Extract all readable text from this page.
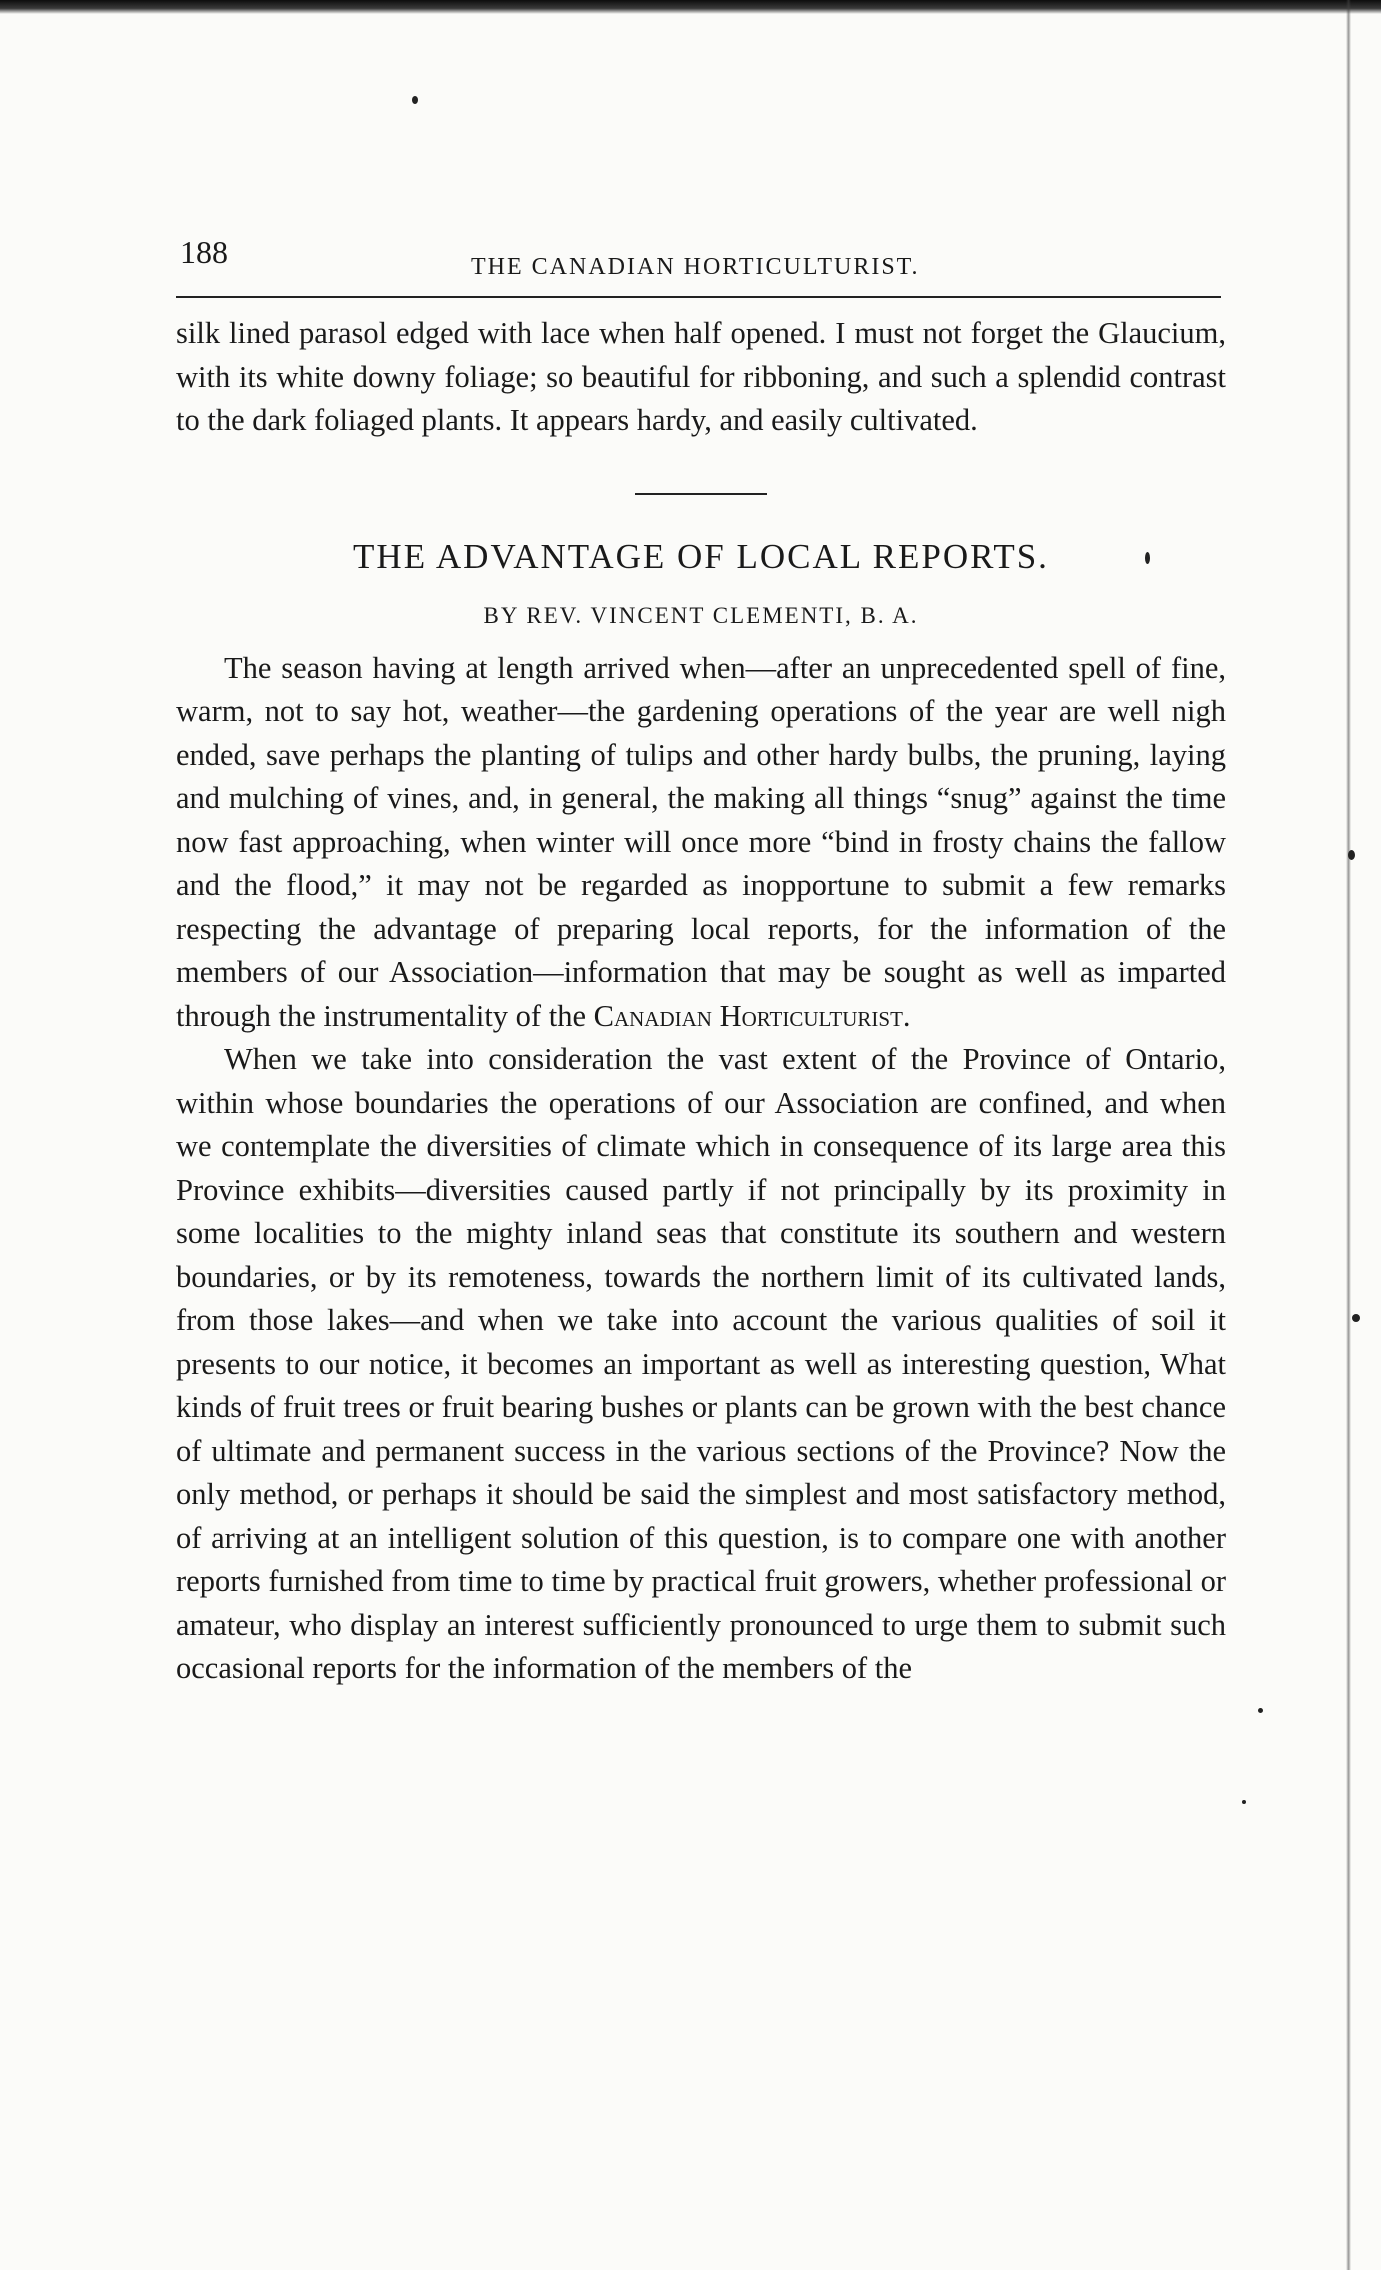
188	THE CANADIAN HORTICULTURIST.

silk lined parasol edged with lace when half opened. I must not forget the Glaucium, with its white downy foliage; so beautiful for ribboning, and such a splendid contrast to the dark foliaged plants. It appears hardy, and easily cultivated.

THE ADVANTAGE OF LOCAL REPORTS.
BY REV. VINCENT CLEMENTI, B. A.

The season having at length arrived when—after an unprecedented spell of fine, warm, not to say hot, weather—the gardening operations of the year are well nigh ended, save perhaps the planting of tulips and other hardy bulbs, the pruning, laying and mulching of vines, and, in general, the making all things “snug” against the time now fast approaching, when winter will once more “bind in frosty chains the fallow and the flood,” it may not be regarded as inopportune to submit a few remarks respecting the advantage of preparing local reports, for the information of the members of our Association—information that may be sought as well as imparted through the instrumentality of the Canadian Horticulturist.

When we take into consideration the vast extent of the Province of Ontario, within whose boundaries the operations of our Association are confined, and when we contemplate the diversities of climate which in consequence of its large area this Province exhibits—diversities caused partly if not principally by its proximity in some localities to the mighty inland seas that constitute its southern and western boundaries, or by its remoteness, towards the northern limit of its cultivated lands, from those lakes—and when we take into account the various qualities of soil it presents to our notice, it becomes an important as well as interesting question, What kinds of fruit trees or fruit bearing bushes or plants can be grown with the best chance of ultimate and permanent success in the various sections of the Province? Now the only method, or perhaps it should be said the simplest and most satisfactory method, of arriving at an intelligent solution of this question, is to compare one with another reports furnished from time to time by practical fruit growers, whether professional or amateur, who display an interest sufficiently pronounced to urge them to submit such occasional reports for the information of the members of the
